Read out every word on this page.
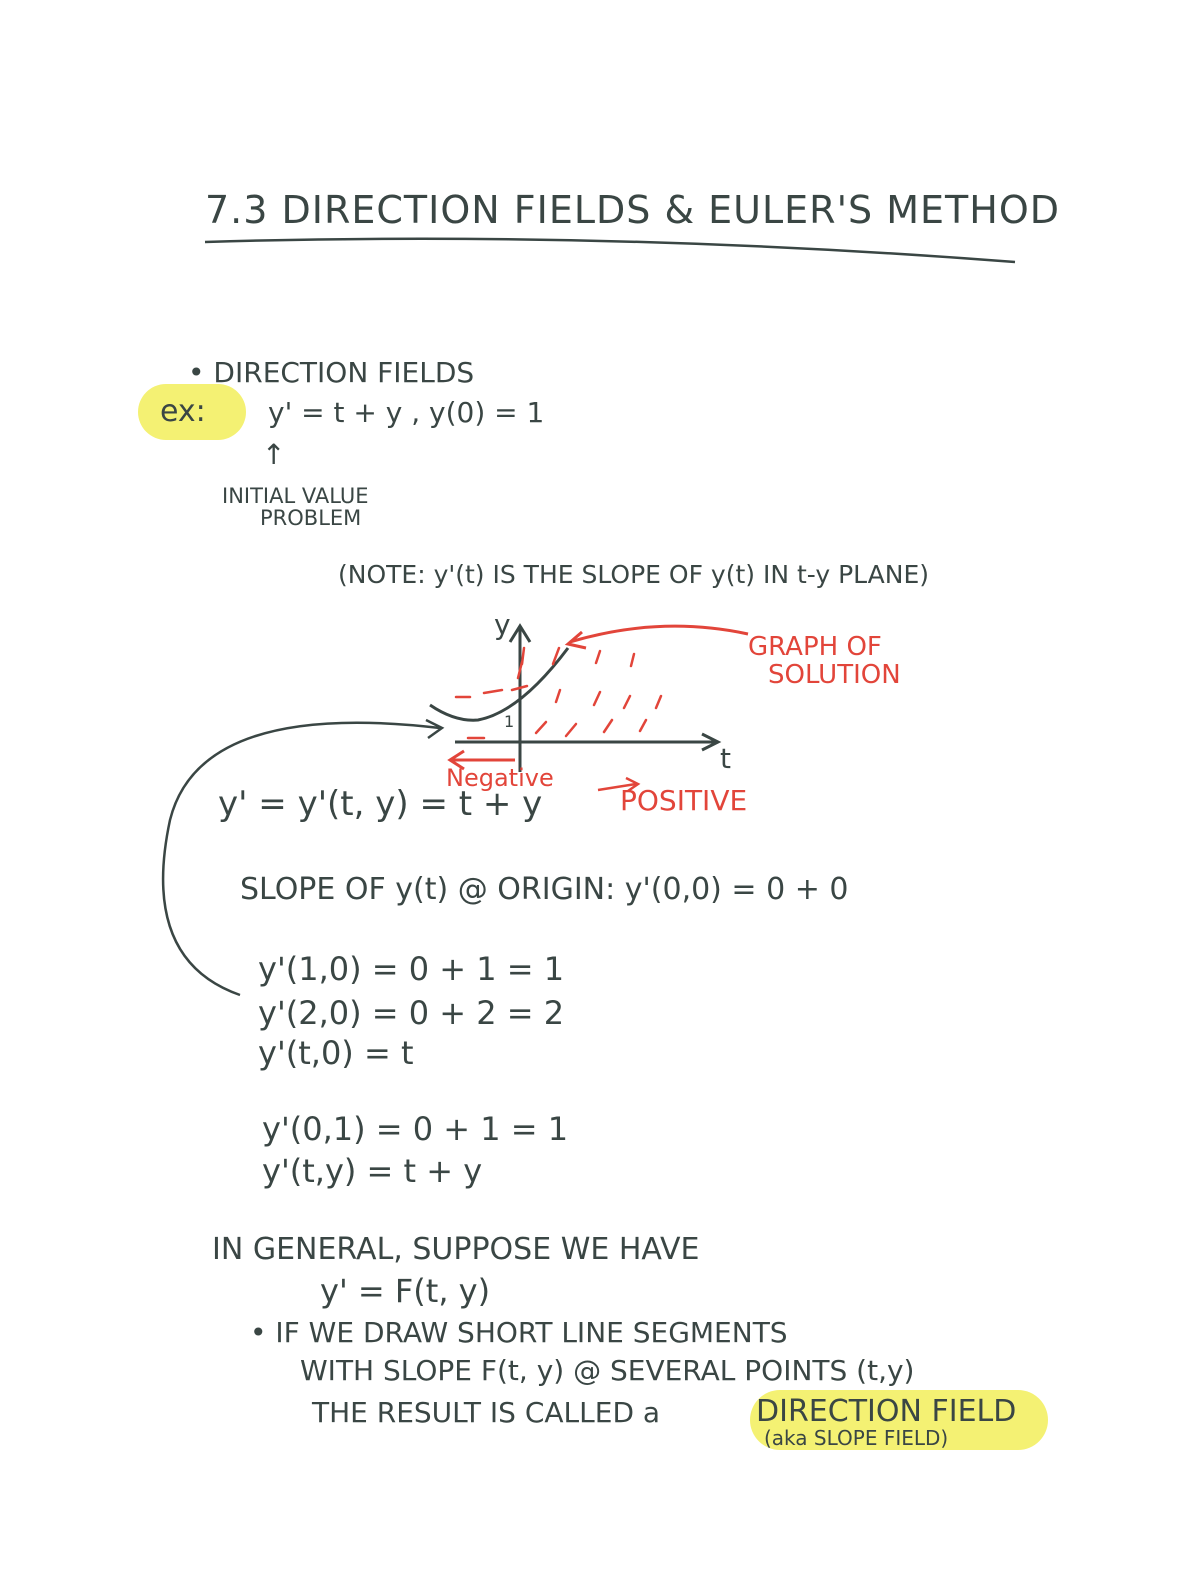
7.3 DIRECTION FIELDS & EULER'S METHOD
• DIRECTION FIELDS
ex: y' = t + y , y(0) = 1
↑
INITIAL VALUE
PROBLEM
(NOTE: y'(t) IS THE SLOPE OF y(t) IN t-y PLANE)
y
t
1
GRAPH OF
SOLUTION
Negative
POSITIVE
y' = y'(t, y) = t + y
SLOPE OF y(t) @ ORIGIN: y'(0,0) = 0 + 0
y'(1,0) = 0 + 1 = 1
y'(2,0) = 0 + 2 = 2
y'(t,0) = t
y'(0,1) = 0 + 1 = 1
y'(t,y) = t + y
IN GENERAL, SUPPOSE WE HAVE
y' = F(t, y)
• IF WE DRAW SHORT LINE SEGMENTS
WITH SLOPE F(t, y) @ SEVERAL POINTS (t,y)
THE RESULT IS CALLED a	DIRECTION FIELD
(aka SLOPE FIELD)
